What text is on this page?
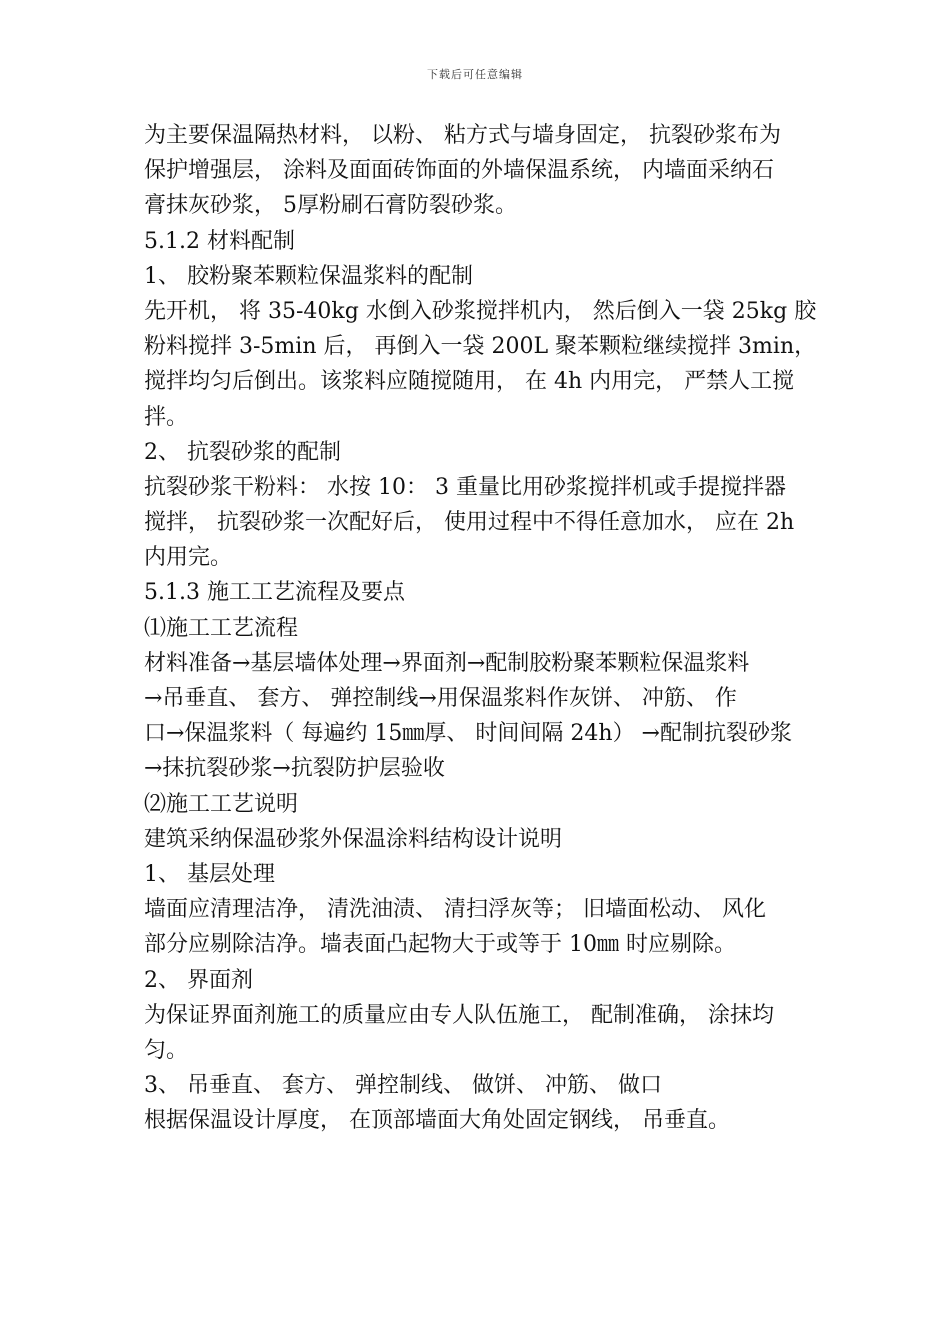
下载后可任意编辑
为主要保温隔热材料， 以粉、 粘方式与墙身固定， 抗裂砂浆布为
保护增强层， 涂料及面面砖饰面的外墙保温系统， 内墙面采纳石
膏抹灰砂浆， 5厚粉刷石膏防裂砂浆。
5.1.2 材料配制
1、 胶粉聚苯颗粒保温浆料的配制
先开机， 将 35-40kg 水倒入砂浆搅拌机内， 然后倒入一袋 25kg 胶
粉料搅拌 3-5min 后， 再倒入一袋 200L 聚苯颗粒继续搅拌 3min，
搅拌均匀后倒出。该浆料应随搅随用， 在 4h 内用完， 严禁人工搅
拌。
2、 抗裂砂浆的配制
抗裂砂浆干粉料： 水按 10： 3 重量比用砂浆搅拌机或手提搅拌器
搅拌， 抗裂砂浆一次配好后， 使用过程中不得任意加水， 应在 2h
内用完。
5.1.3 施工工艺流程及要点
⑴施工工艺流程
材料准备→基层墙体处理→界面剂→配制胶粉聚苯颗粒保温浆料
→吊垂直、 套方、 弹控制线→用保温浆料作灰饼、 冲筋、 作
口→保温浆料（ 每遍约 15㎜厚、 时间间隔 24h） →配制抗裂砂浆
→抹抗裂砂浆→抗裂防护层验收
⑵施工工艺说明
建筑采纳保温砂浆外保温涂料结构设计说明
1、 基层处理
墙面应清理洁净， 清洗油渍、 清扫浮灰等； 旧墙面松动、 风化
部分应剔除洁净。墙表面凸起物大于或等于 10㎜ 时应剔除。
2、 界面剂
为保证界面剂施工的质量应由专人队伍施工， 配制准确， 涂抹均
匀。
3、 吊垂直、 套方、 弹控制线、 做饼、 冲筋、 做口
根据保温设计厚度， 在顶部墙面大角处固定钢线， 吊垂直。
